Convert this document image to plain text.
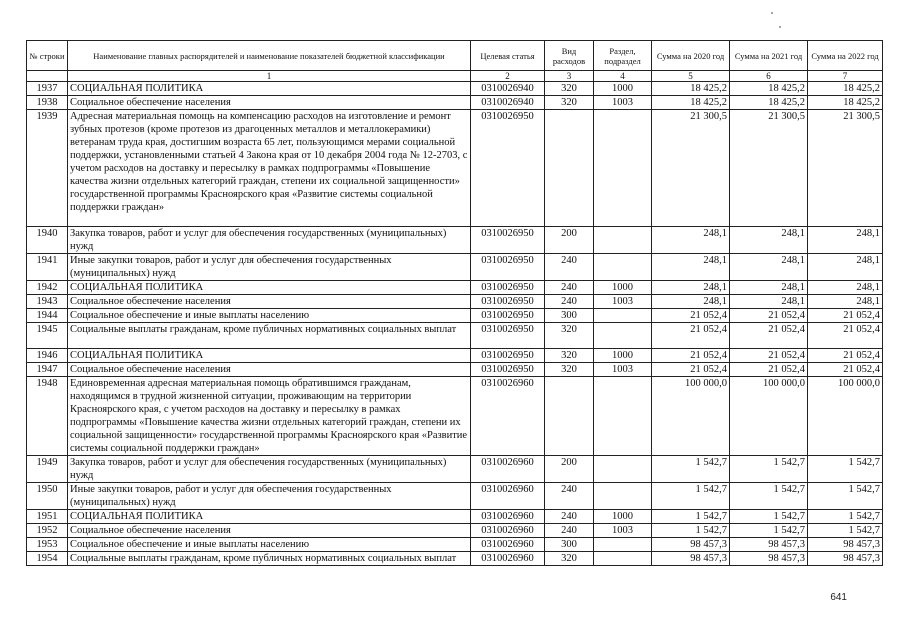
№ строки	Наименование главных распорядителей и наименование показателей бюджетной классификации	Целевая статья	Вид расходов	Раздел, подраздел	Сумма на 2020 год	Сумма на 2021 год	Сумма на 2022 год
	1	2	3	4	5	6	7
1937	СОЦИАЛЬНАЯ ПОЛИТИКА	0310026940	320	1000	18 425,2	18 425,2	18 425,2
1938	Социальное обеспечение населения	0310026940	320	1003	18 425,2	18 425,2	18 425,2
1939	Адресная материальная помощь на компенсацию расходов на изготовление и ремонт зубных протезов (кроме протезов из драгоценных металлов и металлокерамики) ветеранам труда края, достигшим возраста 65 лет, пользующимся мерами социальной поддержки, установленными статьей 4 Закона края от 10 декабря 2004 года № 12-2703, с учетом расходов на доставку и пересылку в рамках подпрограммы «Повышение качества жизни отдельных категорий граждан, степени их социальной защищенности» государственной программы Красноярского края «Развитие системы социальной поддержки граждан»	0310026950			21 300,5	21 300,5	21 300,5
1940	Закупка товаров, работ и услуг для обеспечения государственных (муниципальных) нужд	0310026950	200		248,1	248,1	248,1
1941	Иные закупки товаров, работ и услуг для обеспечения государственных (муниципальных) нужд	0310026950	240		248,1	248,1	248,1
1942	СОЦИАЛЬНАЯ ПОЛИТИКА	0310026950	240	1000	248,1	248,1	248,1
1943	Социальное обеспечение населения	0310026950	240	1003	248,1	248,1	248,1
1944	Социальное обеспечение и иные выплаты населению	0310026950	300		21 052,4	21 052,4	21 052,4
1945	Социальные выплаты гражданам, кроме публичных нормативных социальных выплат	0310026950	320		21 052,4	21 052,4	21 052,4
1946	СОЦИАЛЬНАЯ ПОЛИТИКА	0310026950	320	1000	21 052,4	21 052,4	21 052,4
1947	Социальное обеспечение населения	0310026950	320	1003	21 052,4	21 052,4	21 052,4
1948	Единовременная адресная материальная помощь обратившимся гражданам, находящимся в трудной жизненной ситуации, проживающим на территории Красноярского края, с учетом расходов на доставку и пересылку в рамках подпрограммы «Повышение качества жизни отдельных категорий граждан, степени их социальной защищенности» государственной программы Красноярского края «Развитие системы социальной поддержки граждан»	0310026960			100 000,0	100 000,0	100 000,0
1949	Закупка товаров, работ и услуг для обеспечения государственных (муниципальных) нужд	0310026960	200		1 542,7	1 542,7	1 542,7
1950	Иные закупки товаров, работ и услуг для обеспечения государственных (муниципальных) нужд	0310026960	240		1 542,7	1 542,7	1 542,7
1951	СОЦИАЛЬНАЯ ПОЛИТИКА	0310026960	240	1000	1 542,7	1 542,7	1 542,7
1952	Социальное обеспечение населения	0310026960	240	1003	1 542,7	1 542,7	1 542,7
1953	Социальное обеспечение и иные выплаты населению	0310026960	300		98 457,3	98 457,3	98 457,3
1954	Социальные выплаты гражданам, кроме публичных нормативных социальных выплат	0310026960	320		98 457,3	98 457,3	98 457,3
641
